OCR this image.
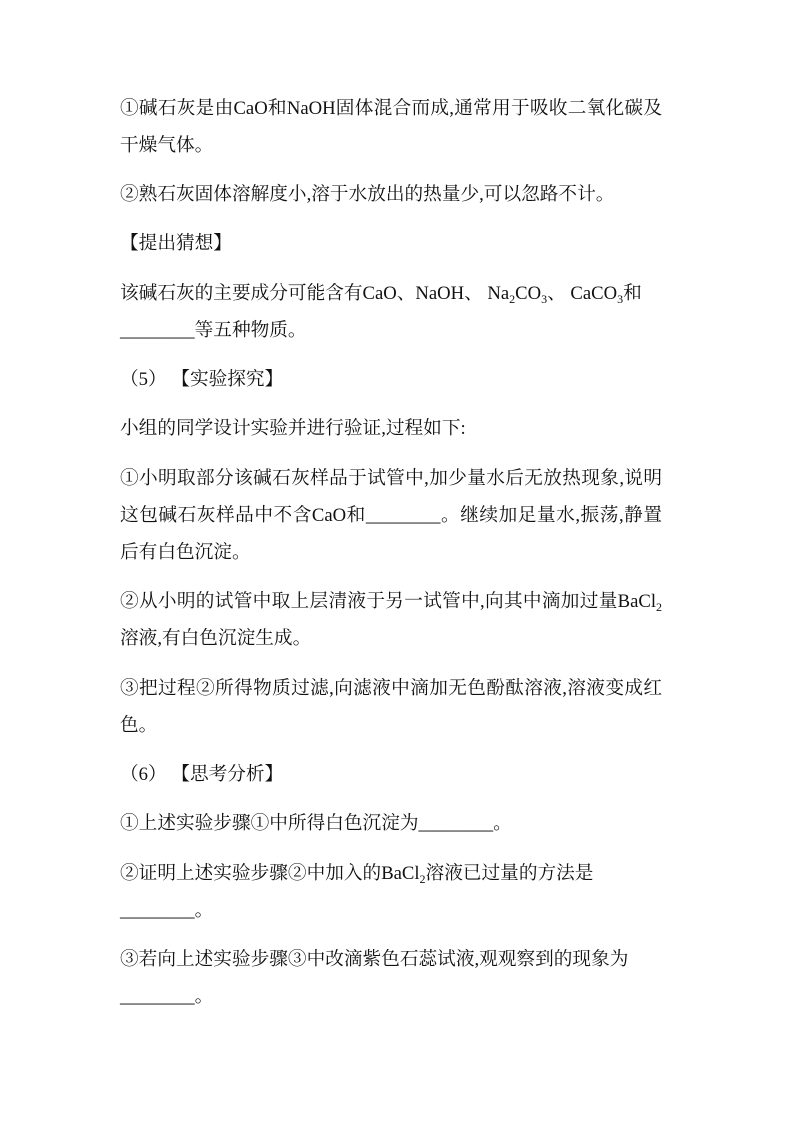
①碱石灰是由CaO和NaOH固体混合而成,通常用于吸收二氧化碳及
干燥气体。
②熟石灰固体溶解度小,溶于水放出的热量少,可以忽路不计。
【提出猜想】
该碱石灰的主要成分可能含有CaO、NaOH、 $Na_2CO_3$、 CaCO$_3$和
________等五种物质。
（5） 【实验探究】
小组的同学设计实验并进行验证,过程如下:
①小明取部分该碱石灰样品于试管中,加少量水后无放热现象,说明
这包碱石灰样品中不含CaO和________。继续加足量水,振荡,静置
后有白色沉淀。
②从小明的试管中取上层清液于另一试管中,向其中滴加过量BaCl$_2$
溶液,有白色沉淀生成。
③把过程②所得物质过滤,向滤液中滴加无色酚酞溶液,溶液变成红
色。
（6） 【思考分析】
①上述实验步骤①中所得白色沉淀为________。
②证明上述实验步骤②中加入的BaCl$_2$溶液已过量的方法是
________。
③若向上述实验步骤③中改滴紫色石蕊试液,观观察到的现象为
________。
